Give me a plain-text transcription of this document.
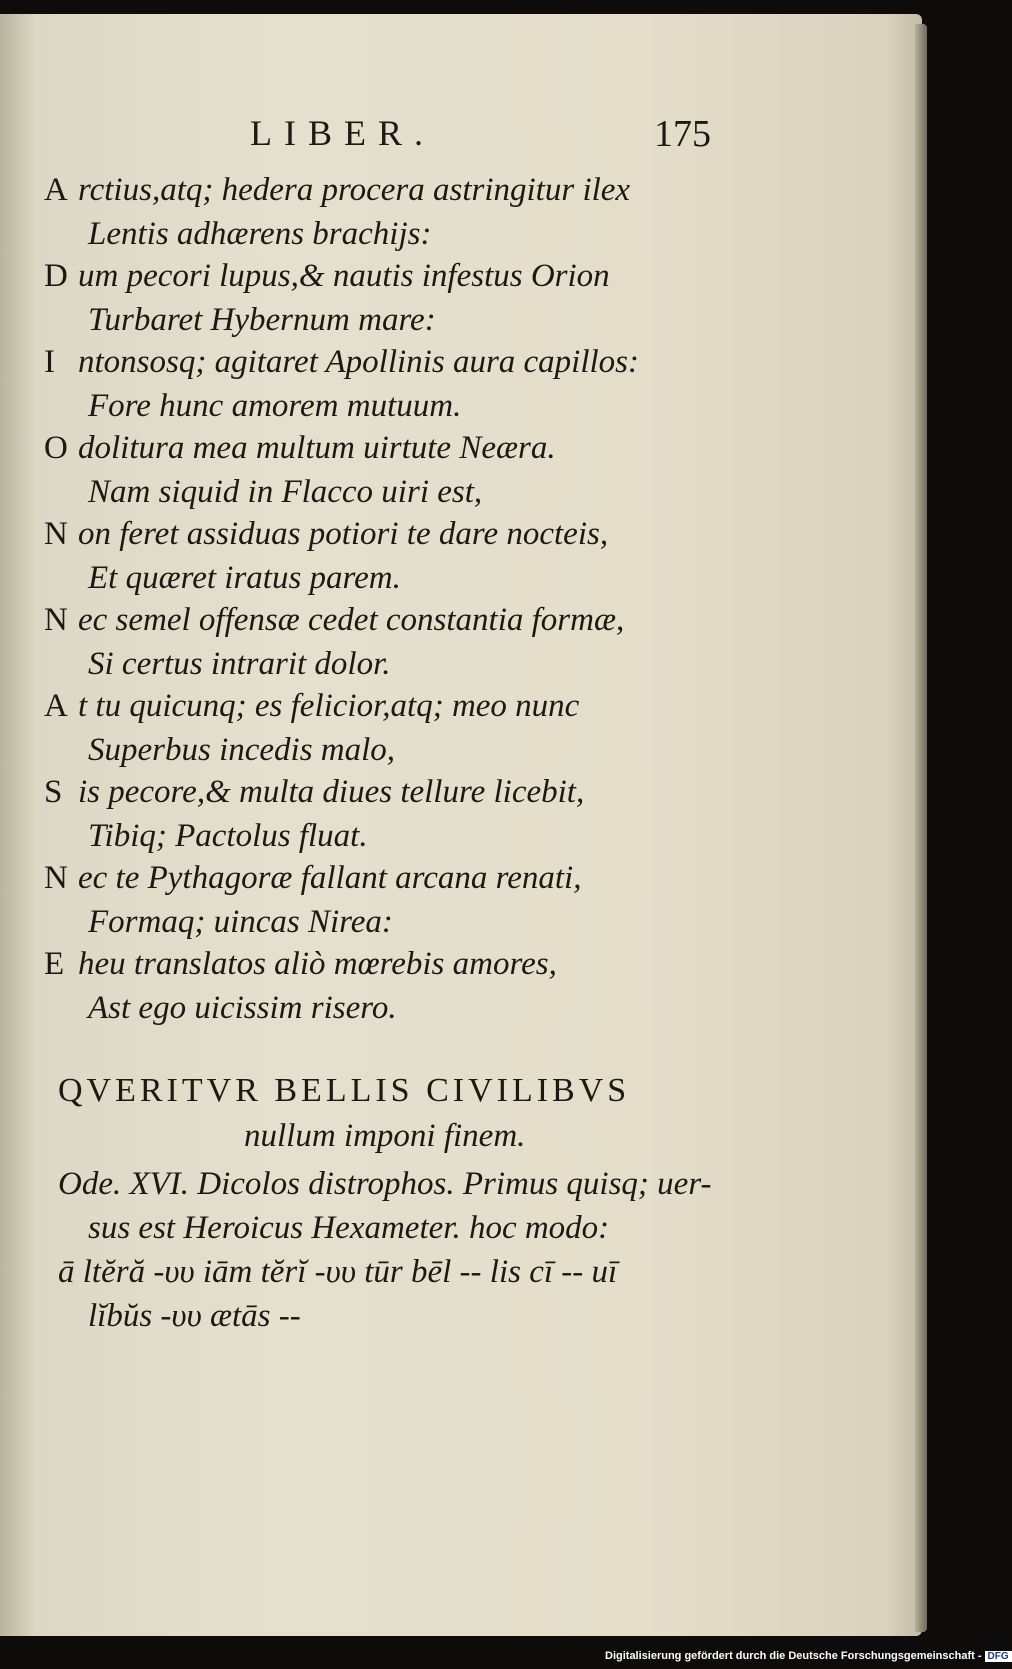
LIBER.	175
A rctius,atq; hedera procera astringitur ilex
Lentis adhærens brachijs:
D um pecori lupus,& nautis infestus Orion
Turbaret Hybernum mare:
I ntonsosq; agitaret Apollinis aura capillos:
Fore hunc amorem mutuum.
O dolitura mea multum uirtute Neæra.
Nam siquid in Flacco uiri est,
N on feret assiduas potiori te dare nocteis,
Et quæret iratus parem.
N ec semel offensæ cedet constantia formæ,
Si certus intrarit dolor.
A t tu quicunq; es felicior,atq; meo nunc
Superbus incedis malo,
S is pecore,& multa diues tellure licebit,
Tibiq; Pactolus fluat.
N ec te Pythagoræ fallant arcana renati,
Formaq; uincas Nirea:
E heu translatos aliò mœrebis amores,
Ast ego uicissim risero.
QVERITVR BELLIS CIVILIBVS
nullum imponi finem.
Ode. XVI. Dicolos distrophos. Primus quisq; uer-
sus est Heroicus Hexameter. hoc modo:
ā ltĕră -υυ iām tĕrĭ -υυ tūr bēl -- lis cī -- uī
lĭbŭs -υυ ætās --
Digitalisierung gefördert durch die Deutsche Forschungsgemeinschaft - DFG
